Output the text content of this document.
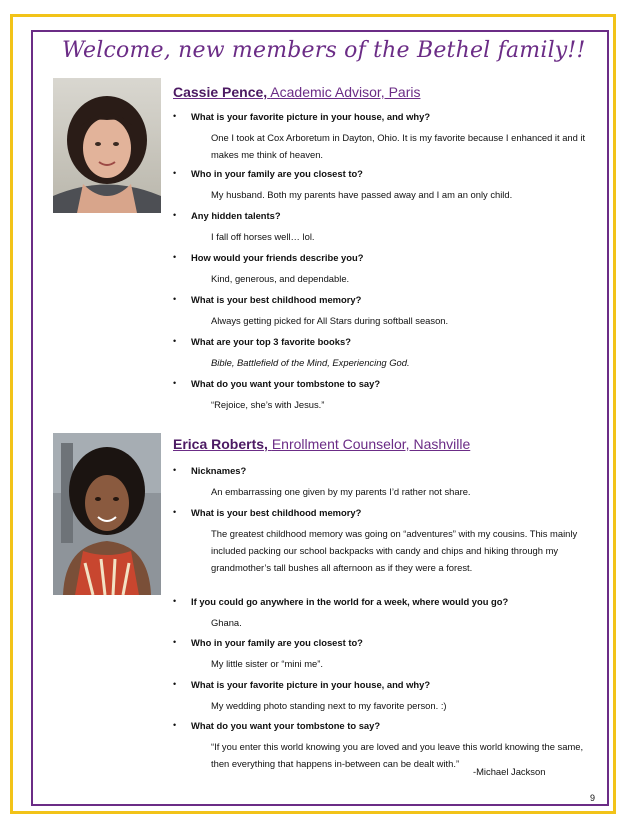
Welcome, new members of the Bethel family!!
Cassie Pence, Academic Advisor, Paris
• What is your favorite picture in your house, and why?
One I took at Cox Arboretum in Dayton, Ohio. It is my favorite because I enhanced it and it makes me think of heaven.
• Who in your family are you closest to?
My husband. Both my parents have passed away and I am an only child.
• Any hidden talents?
I fall off horses well… lol.
• How would your friends describe you?
Kind, generous, and dependable.
• What is your best childhood memory?
Always getting picked for All Stars during softball season.
• What are your top 3 favorite books?
Bible, Battlefield of the Mind, Experiencing God.
• What do you want your tombstone to say?
“Rejoice, she’s with Jesus.”
Erica Roberts, Enrollment Counselor, Nashville
• Nicknames?
An embarrassing one given by my parents I’d rather not share.
• What is your best childhood memory?
The greatest childhood memory was going on “adventures” with my cousins. This mainly included packing our school backpacks with candy and chips and hiking through my grandmother’s tall bushes all afternoon as if they were a forest.
• If you could go anywhere in the world for a week, where would you go?
Ghana.
• Who in your family are you closest to?
My little sister or “mini me”.
• What is your favorite picture in your house, and why?
My wedding photo standing next to my favorite person. :)
• What do you want your tombstone to say?
“If you enter this world knowing you are loved and you leave this world knowing the same, then everything that happens in-between can be dealt with.”
-Michael Jackson
9
